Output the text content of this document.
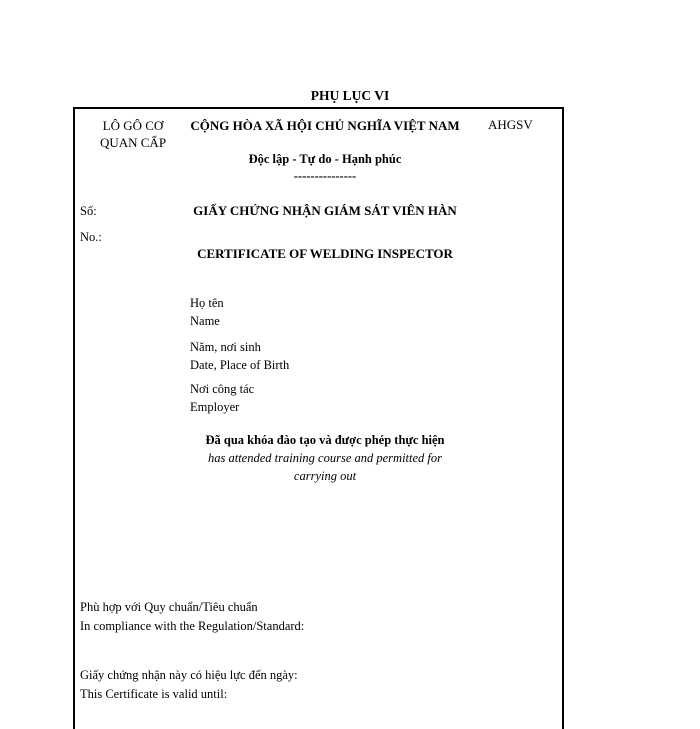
PHỤ LỤC VI
LÔ GÔ CƠ
QUAN CẤP
CỘNG HÒA XÃ HỘI CHỦ NGHĨA VIỆT NAM AHGSV
Độc lập - Tự do - Hạnh phúc
---------------
Số:
No.:
GIẤY CHỨNG NHẬN GIÁM SÁT VIÊN HÀN
CERTIFICATE OF WELDING INSPECTOR
Họ tên
Name
Năm, nơi sinh
Date, Place of Birth
Nơi công tác
Employer
Đã qua khóa đào tạo và được phép thực hiện
has attended training course and permitted for carrying out
Phù hợp với Quy chuẩn/Tiêu chuẩn
In compliance with the Regulation/Standard:
Giấy chứng nhận này có hiệu lực đến ngày:
This Certificate is valid until:
